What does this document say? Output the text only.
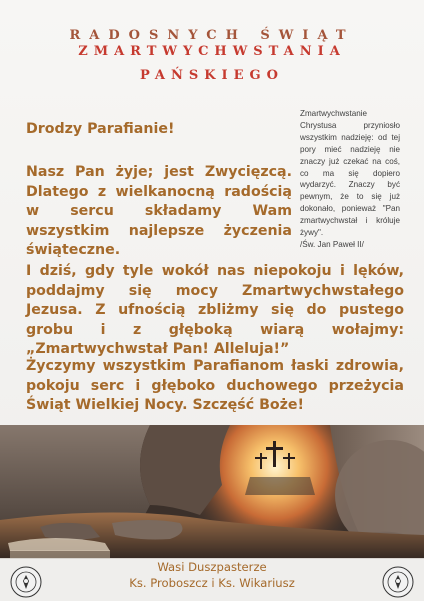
RADOSNYCH ŚWIĄT
ZMARTWYCHWSTANIA
PAŃSKIEGO
Zmartwychwstanie Chrystusa przyniosło wszystkim nadzieję: od tej pory mieć nadzieję nie znaczy już czekać na coś, co ma się dopiero wydarzyć. Znaczy być pewnym, że to się już dokonało, ponieważ "Pan zmartwychwstał i króluje żywy".
/Św. Jan Paweł II/
Drodzy Parafianie!
Nasz Pan żyje; jest Zwycięzcą. Dlatego z wielkanocną radością w sercu składamy Wam wszystkim najlepsze życzenia świąteczne.
I dziś, gdy tyle wokół nas niepokoju i lęków, poddajmy się mocy Zmartwychwstałego Jezusa. Z ufnością zbliżmy się do pustego grobu i z głęboką wiarą wołajmy: „Zmartwychwstał Pan! Alleluja!”
Życzymy wszystkim Parafianom łaski zdrowia, pokoju serc i głęboko duchowego przeżycia Świąt Wielkiej Nocy. Szczęść Boże!
Wasi Duszpasterze
Ks. Proboszcz i Ks. Wikariusz
